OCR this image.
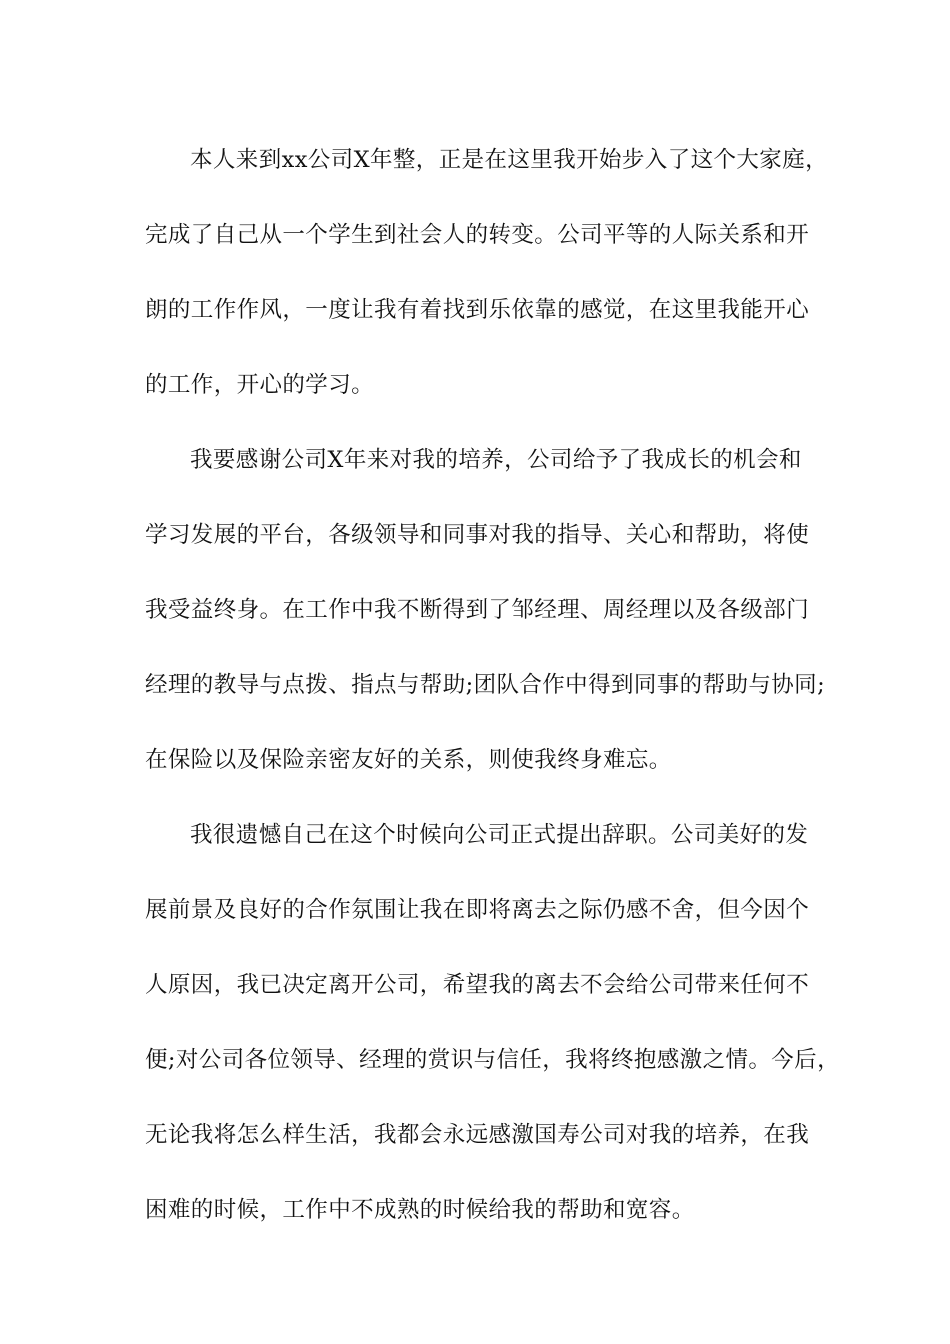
本人来到xx公司X年整，正是在这里我开始步入了这个大家庭，
完成了自己从一个学生到社会人的转变。公司平等的人际关系和开
朗的工作作风，一度让我有着找到乐依靠的感觉，在这里我能开心
的工作，开心的学习。

我要感谢公司X年来对我的培养，公司给予了我成长的机会和
学习发展的平台，各级领导和同事对我的指导、关心和帮助，将使
我受益终身。在工作中我不断得到了邹经理、周经理以及各级部门
经理的教导与点拨、指点与帮助;团队合作中得到同事的帮助与协同;
在保险以及保险亲密友好的关系，则使我终身难忘。

我很遗憾自己在这个时候向公司正式提出辞职。公司美好的发
展前景及良好的合作氛围让我在即将离去之际仍感不舍，但今因个
人原因，我已决定离开公司，希望我的离去不会给公司带来任何不
便;对公司各位领导、经理的赏识与信任，我将终抱感激之情。今后，
无论我将怎么样生活，我都会永远感激国寿公司对我的培养，在我
困难的时候，工作中不成熟的时候给我的帮助和宽容。
